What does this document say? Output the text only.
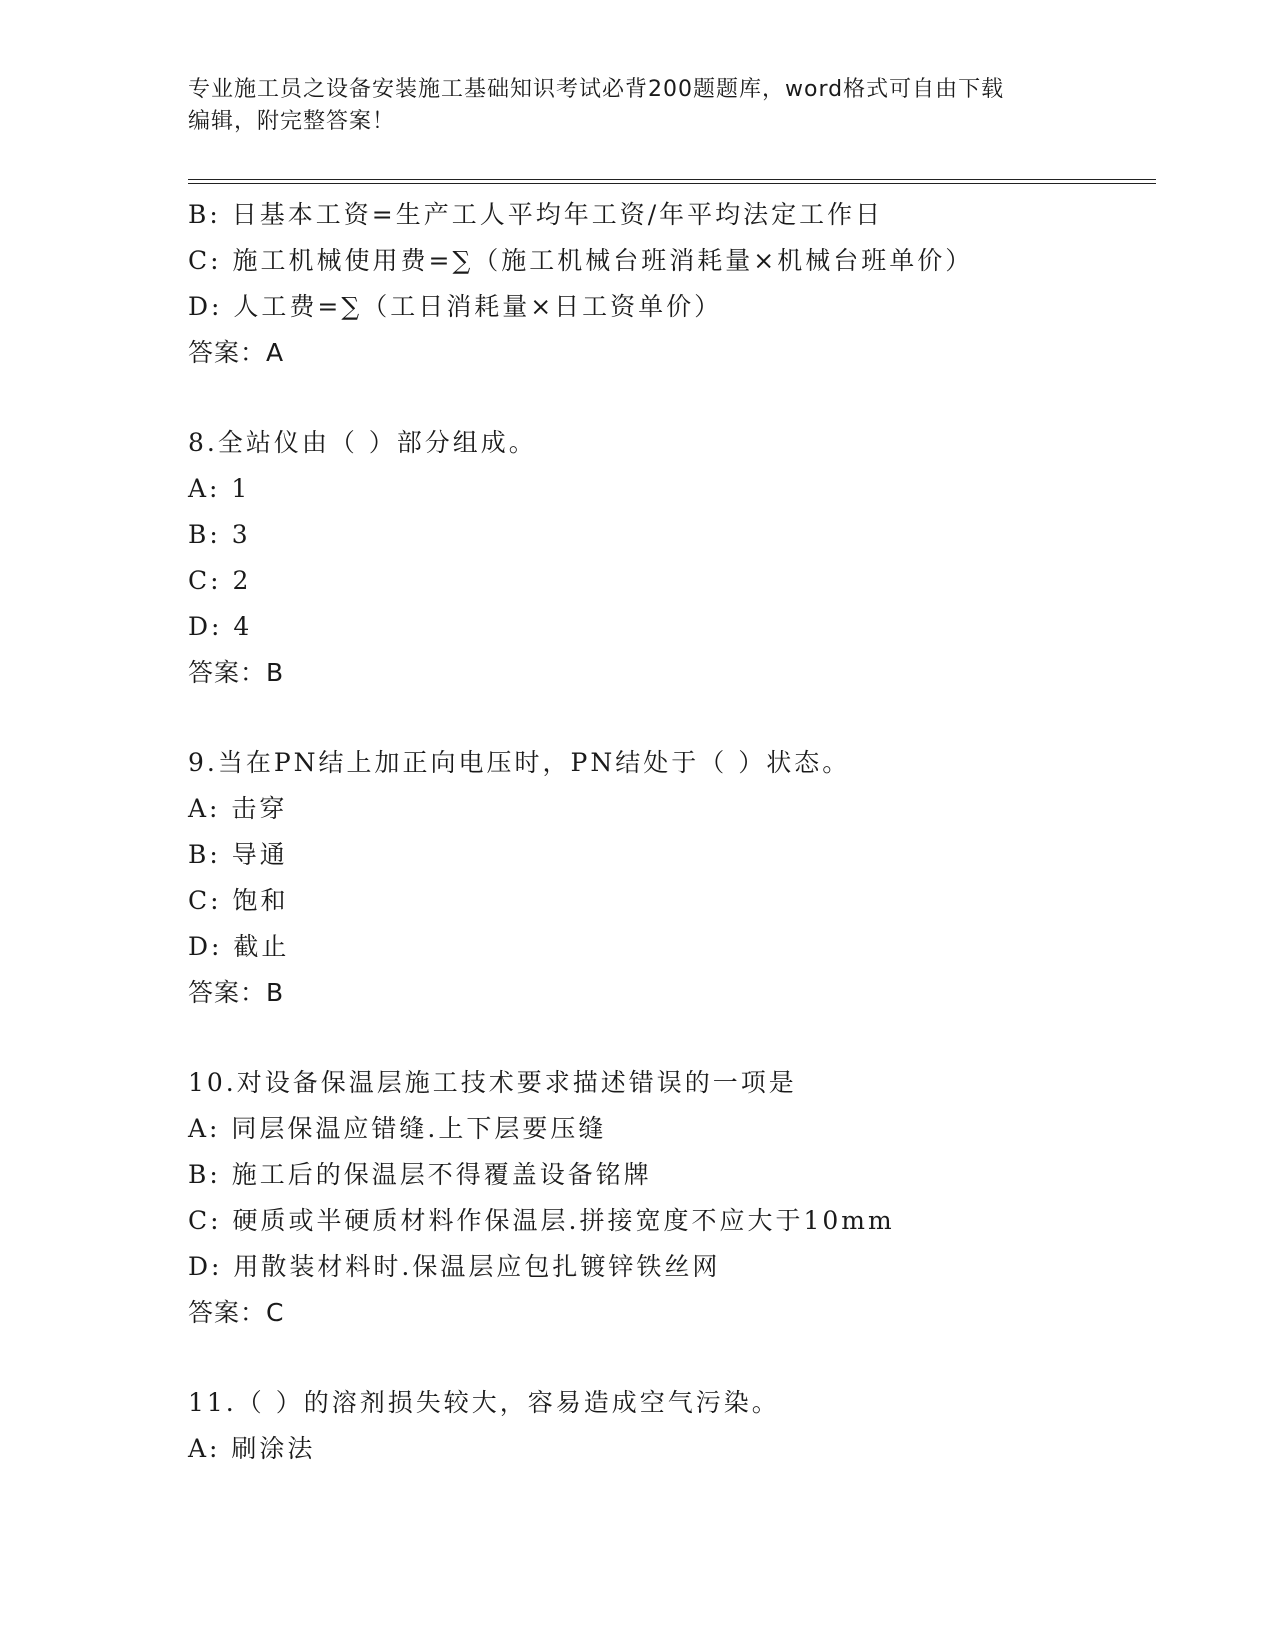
专业施工员之设备安装施工基础知识考试必背200题题库，word格式可自由下载
编辑，附完整答案！
B: 日基本工资=生产工人平均年工资/年平均法定工作日
C: 施工机械使用费=∑（施工机械台班消耗量×机械台班单价）
D: 人工费=∑（工日消耗量×日工资单价）
答案：A
8.全站仪由（ ）部分组成。
A: 1
B: 3
C: 2
D: 4
答案：B
9.当在PN结上加正向电压时，PN结处于（ ）状态。
A: 击穿
B: 导通
C: 饱和
D: 截止
答案：B
10.对设备保温层施工技术要求描述错误的一项是
A: 同层保温应错缝.上下层要压缝
B: 施工后的保温层不得覆盖设备铭牌
C: 硬质或半硬质材料作保温层.拼接宽度不应大于10mm
D: 用散装材料时.保温层应包扎镀锌铁丝网
答案：C
11.（ ）的溶剂损失较大，容易造成空气污染。
A: 刷涂法
